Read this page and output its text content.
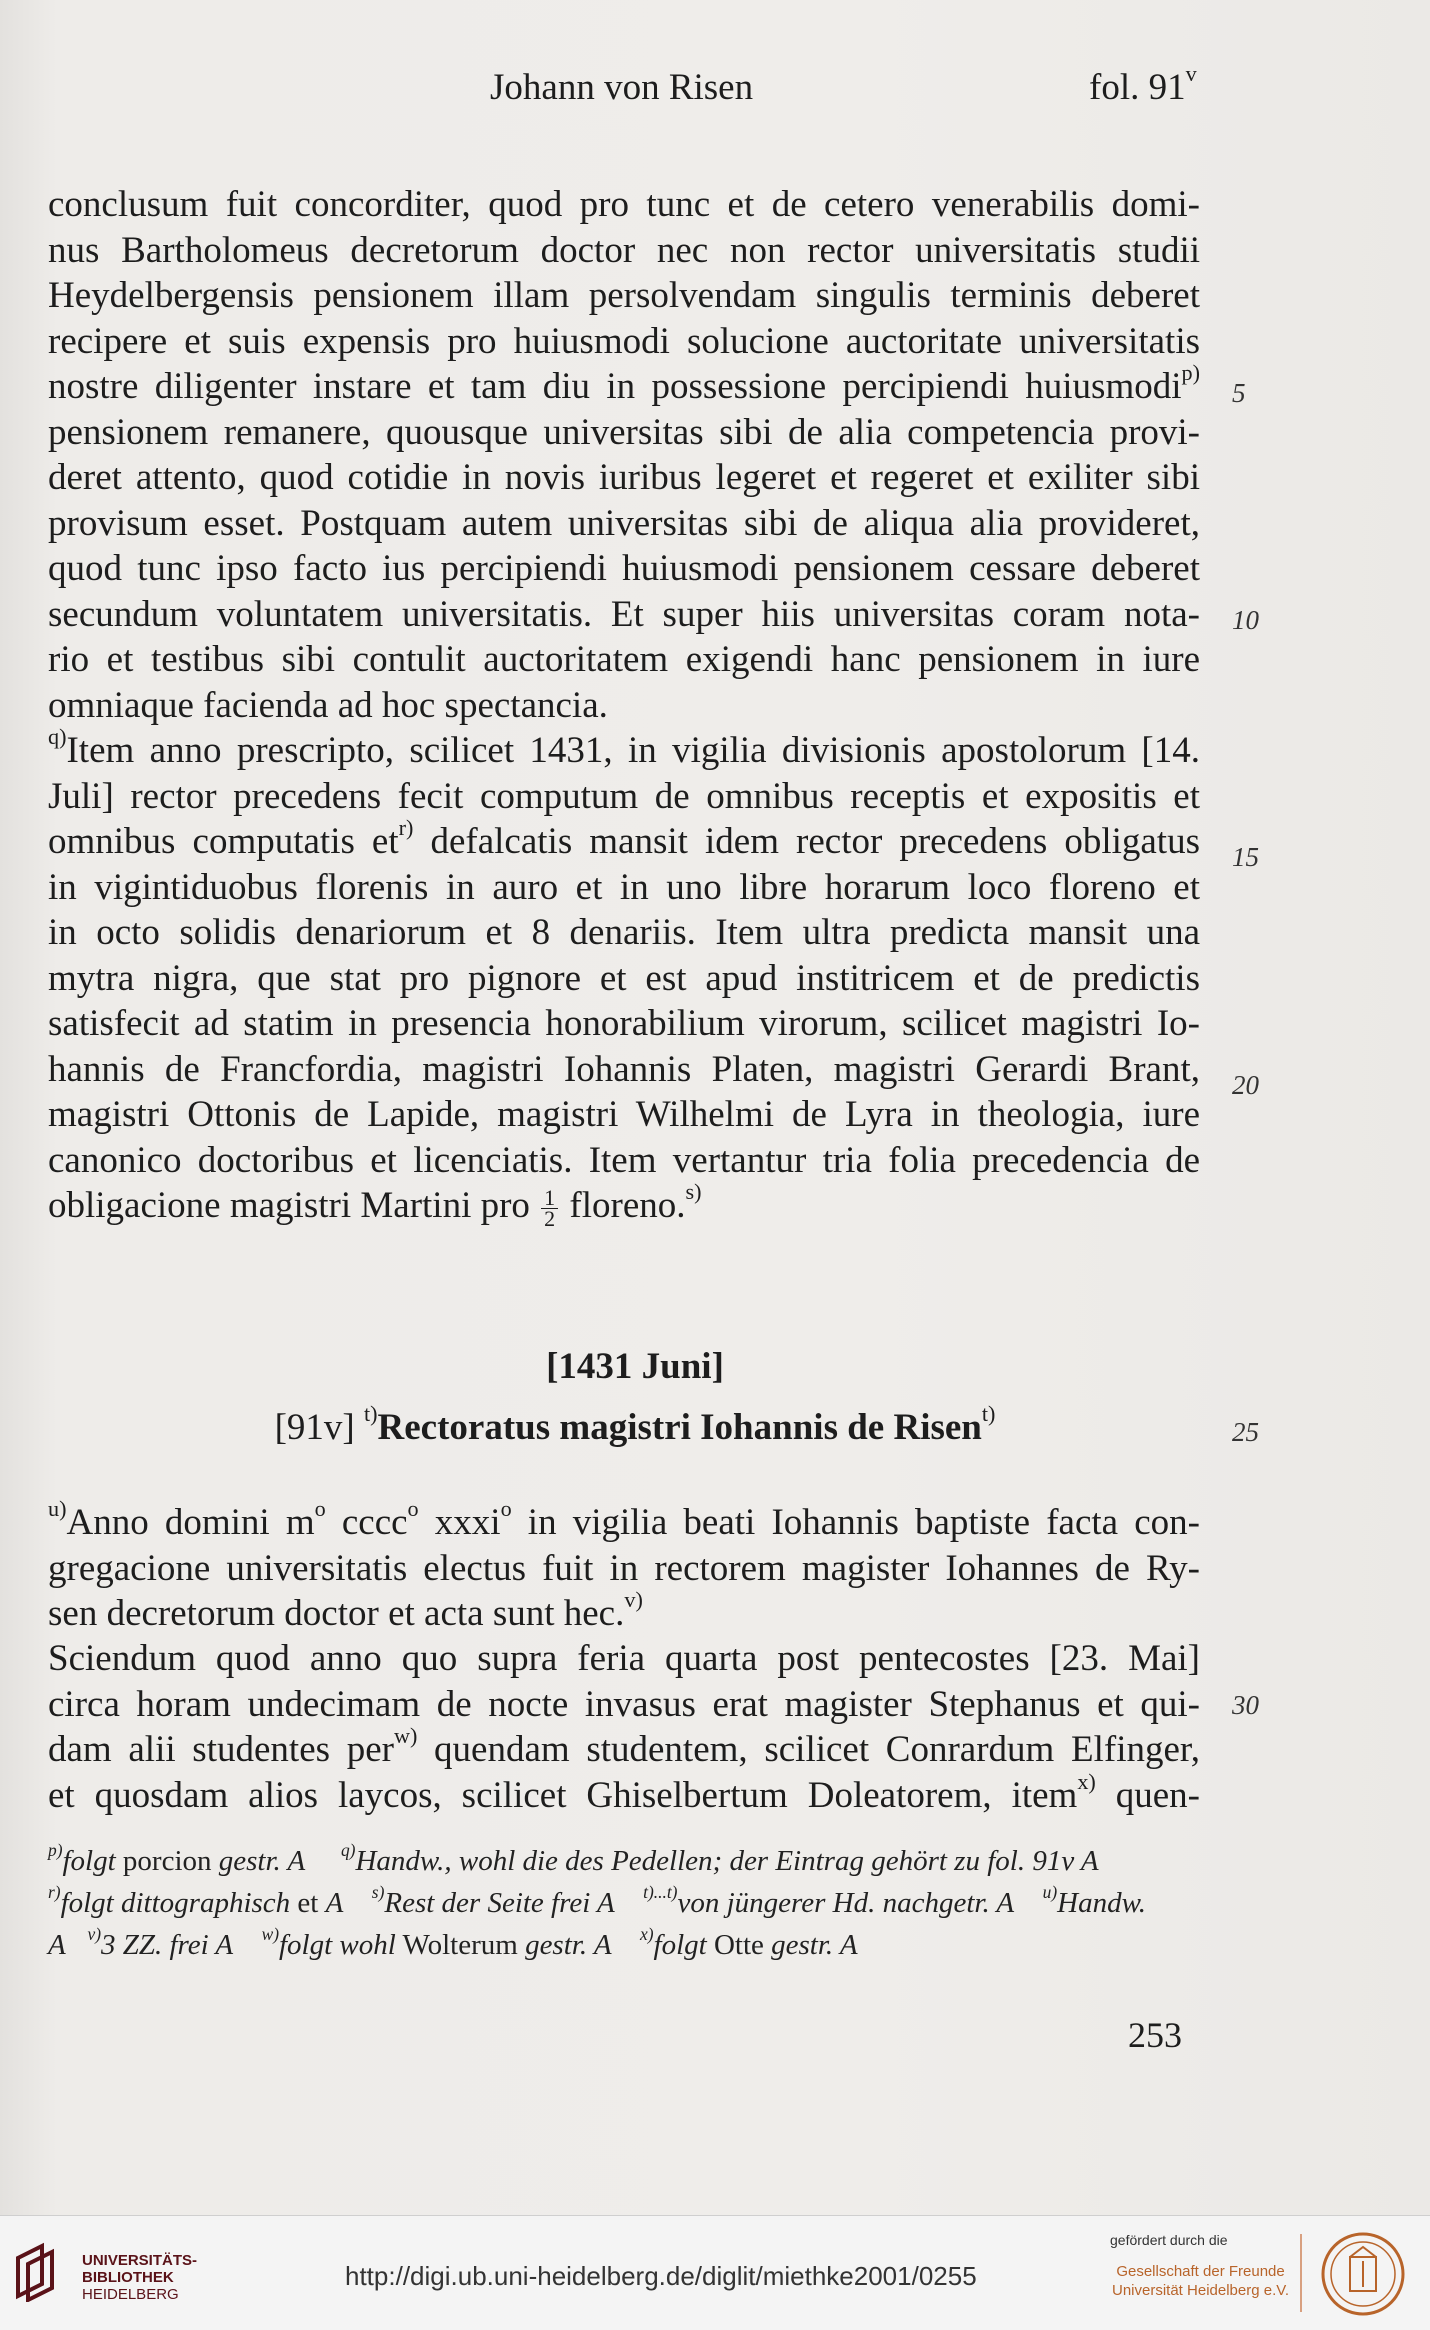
Johann von Risen	fol. 91$^v$
conclusum fuit concorditer, quod pro tunc et de cetero venerabilis domi-
nus Bartholomeus decretorum doctor nec non rector universitatis studii
Heydelbergensis pensionem illam persolvendam singulis terminis deberet
recipere et suis expensis pro huiusmodi solucione auctoritate universitatis
nostre diligenter instare et tam diu in possessione percipiendi huiusmodi$^{p)}$
pensionem remanere, quousque universitas sibi de alia competencia provi-
deret attento, quod cotidie in novis iuribus legeret et regeret et exiliter sibi
provisum esset. Postquam autem universitas sibi de aliqua alia provideret,
quod tunc ipso facto ius percipiendi huiusmodi pensionem cessare deberet
secundum voluntatem universitatis. Et super hiis universitas coram nota-
rio et testibus sibi contulit auctoritatem exigendi hanc pensionem in iure
omniaque facienda ad hoc spectancia.
$^{q)}$Item anno prescripto, scilicet 1431, in vigilia divisionis apostolorum [14.
Juli] rector precedens fecit computum de omnibus receptis et expositis et
omnibus computatis $et^{r)}$ defalcatis mansit idem rector precedens obligatus
in vigintiduobus florenis in auro et in uno libre horarum loco floreno et
in octo solidis denariorum et 8 denariis. Item ultra predicta mansit una
mytra nigra, que stat pro pignore et est apud institricem et de predictis
satisfecit ad statim in presencia honorabilium virorum, scilicet magistri Io-
hannis de Francfordia, magistri Iohannis Platen, magistri Gerardi Brant,
magistri Ottonis de Lapide, magistri Wilhelmi de Lyra in theologia, iure
canonico doctoribus et licenciatis. Item vertantur tria folia precedencia de
obligacione magistri Martini pro $\frac{1}{2}$ floreno.$^{s)}$
[1431 Juni]
[91v] $^{t)}$Rectoratus magistri Iohannis de Risen$^{t)}$
$^{u)}$Anno domini $m^o$ cccc$^o$ xxxi$^o$ in vigilia beati Iohannis baptiste facta con-
gregacione universitatis electus fuit in rectorem magister Iohannes de Ry-
sen decretorum doctor et acta sunt hec.$^{v)}$
Sciendum quod anno quo supra feria quarta post pentecostes [23. Mai]
circa horam undecimam de nocte invasus erat magister Stephanus et qui-
dam alii studentes per$^{w)}$ quendam studentem, scilicet Conrardum Elfinger,
et quosdam alios laycos, scilicet Ghiselbertum Doleatorem, item$^{x)}$ quen-
5
10
15
20
25
30
$^{p)}$folgt porcion gestr. A $^{q)}$Handw., wohl die des Pedellen; der Eintrag gehört zu fol. 91v A
$^{r)}$folgt dittographisch et A $^{s)}$Rest der Seite frei A $^{t)...t)}$von jüngerer Hd. nachgetr. A $^{u)}$Handw.
A $^{v)}$3 ZZ. frei A $^{w)}$folgt wohl Wolterum gestr. A $^{x)}$folgt Otte gestr. A
253
UNIVERSITÄTS-
BIBLIOTHEK
HEIDELBERG
http://digi.ub.uni-heidelberg.de/diglit/miethke2001/0255
gefördert durch die
Gesellschaft der Freunde
Universität Heidelberg e.V.
